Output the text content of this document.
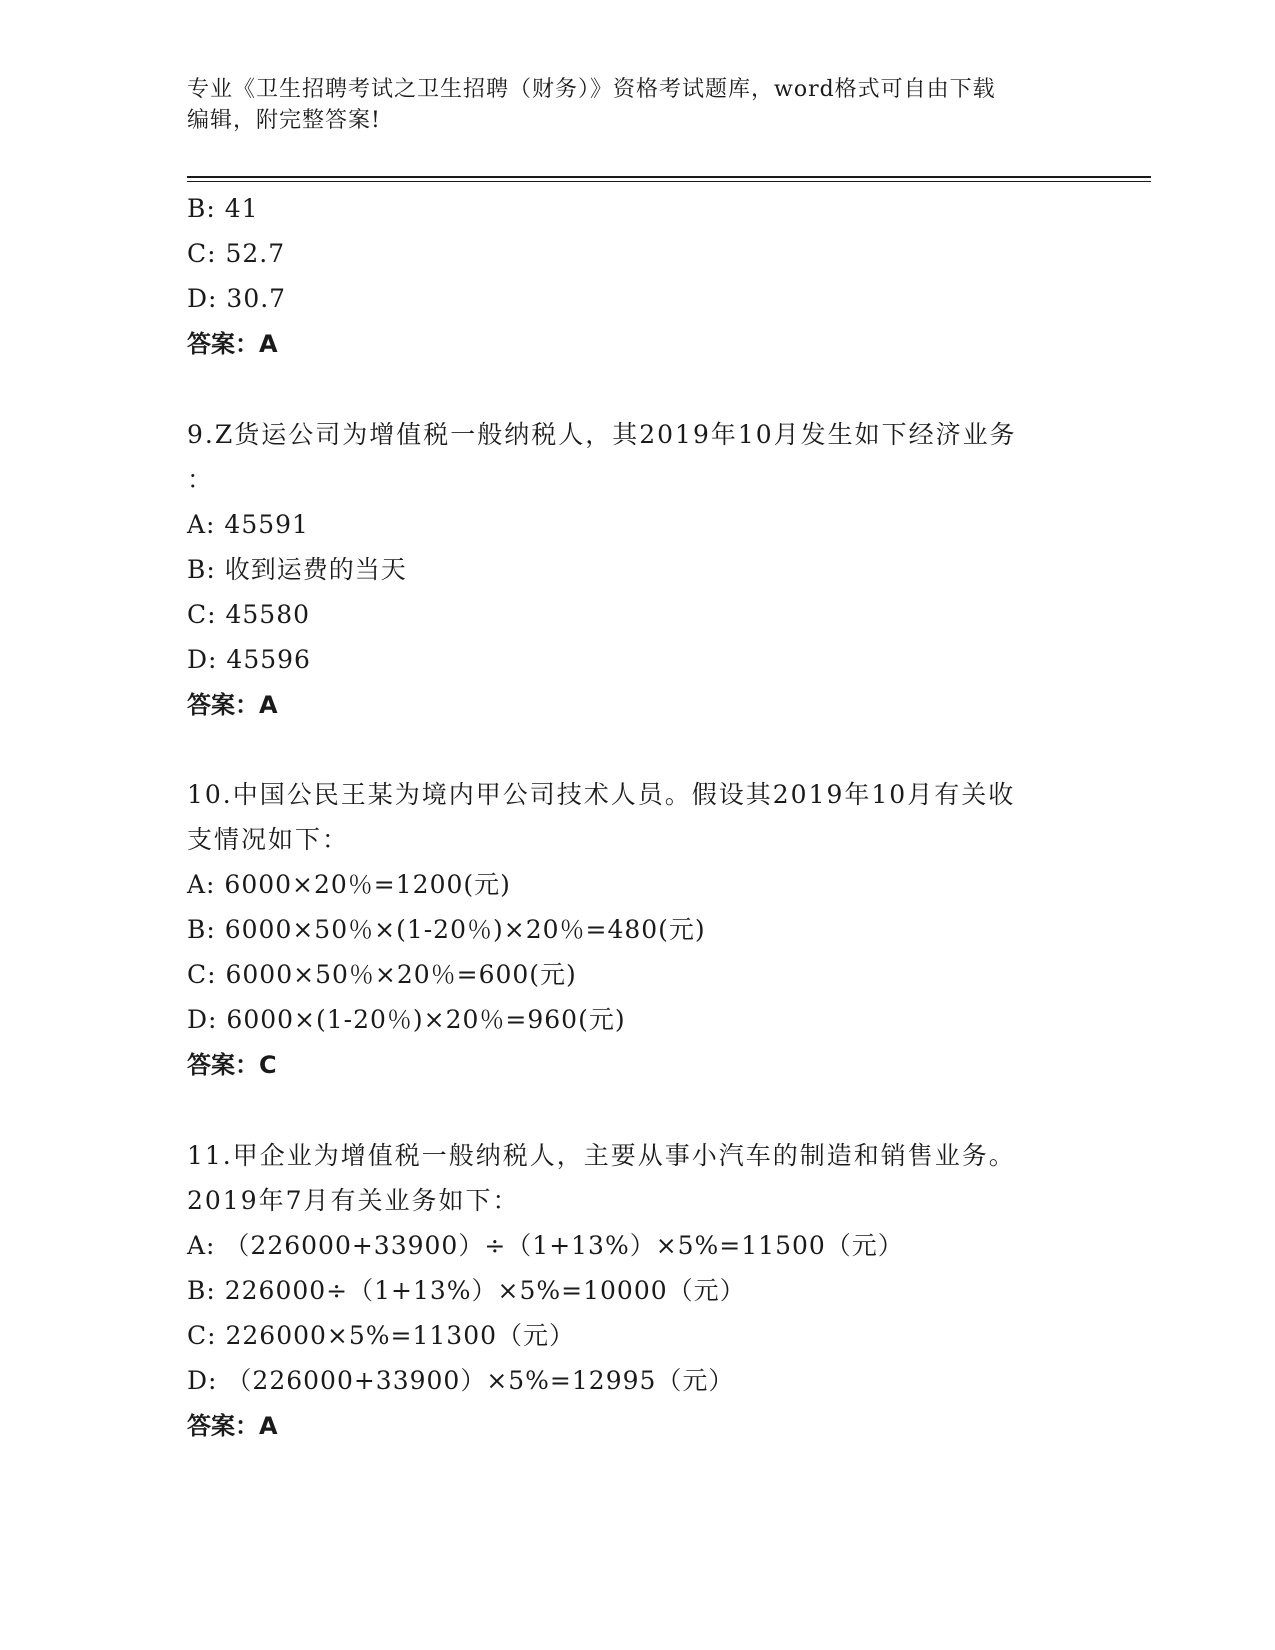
专业《卫生招聘考试之卫生招聘（财务）》资格考试题库，word格式可自由下载
编辑，附完整答案!
B: 41
C: 52.7
D: 30.7
答案：A
9.Z货运公司为增值税一般纳税人，其2019年10月发生如下经济业务
：
A: 45591
B: 收到运费的当天
C: 45580
D: 45596
答案：A
10.中国公民王某为境内甲公司技术人员。假设其2019年10月有关收
支情况如下：
A: 6000×20％=1200(元)
B: 6000×50％×(1-20％)×20％=480(元)
C: 6000×50％×20％=600(元)
D: 6000×(1-20％)×20％=960(元)
答案：C
11.甲企业为增值税一般纳税人，主要从事小汽车的制造和销售业务。
2019年7月有关业务如下：
A: （226000+33900）÷（1+13%）×5%=11500（元）
B: 226000÷（1+13%）×5%=10000（元）
C: 226000×5%=11300（元）
D: （226000+33900）×5%=12995（元）
答案：A
